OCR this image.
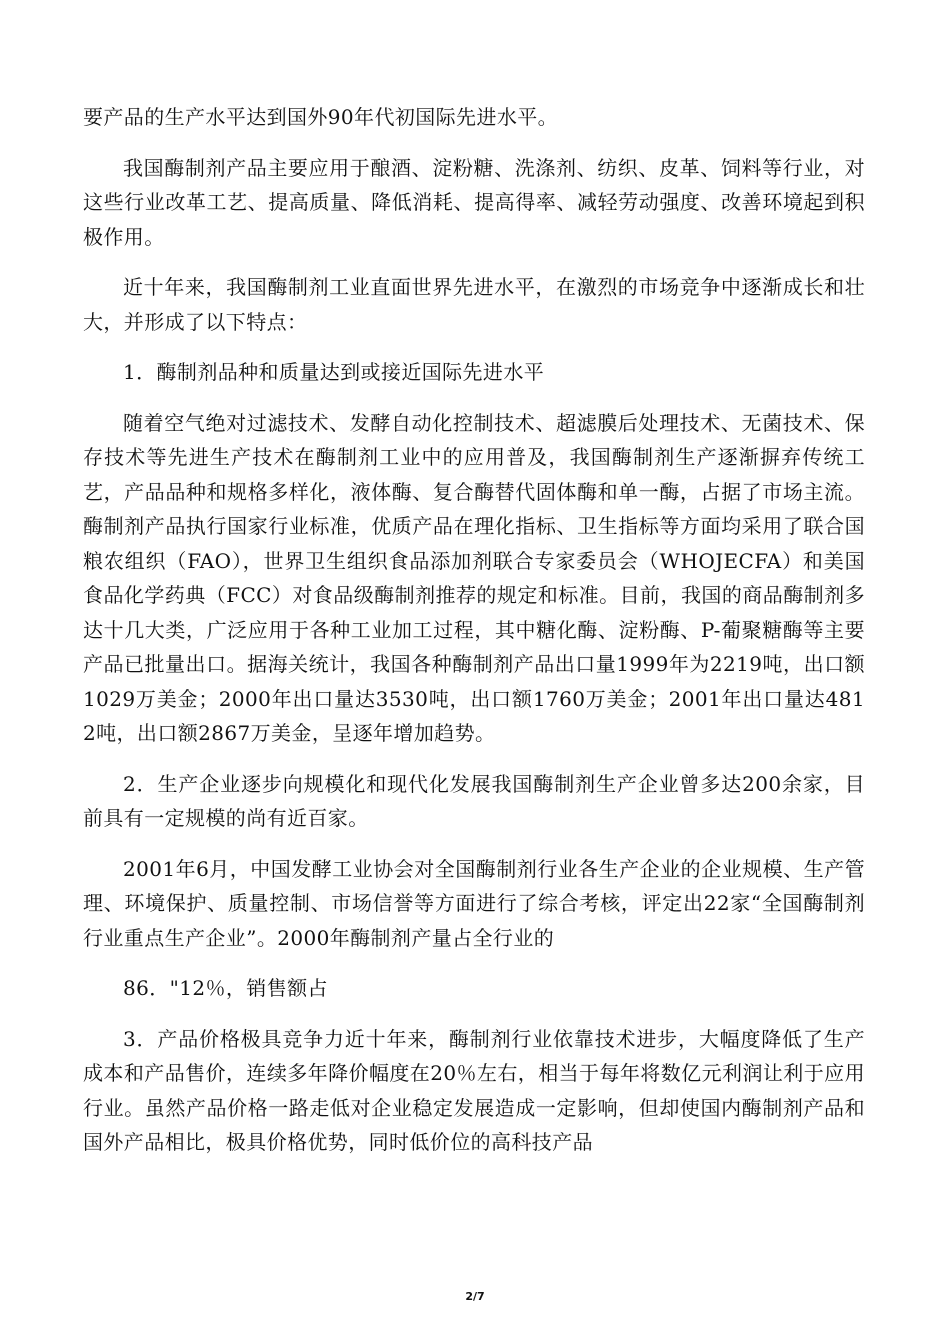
要产品的生产水平达到国外90年代初国际先进水平。

我国酶制剂产品主要应用于酿酒、淀粉糖、洗涤剂、纺织、皮革、饲料等行业，对这些行业改革工艺、提高质量、降低消耗、提高得率、减轻劳动强度、改善环境起到积极作用。

近十年来，我国酶制剂工业直面世界先进水平，在激烈的市场竞争中逐渐成长和壮大，并形成了以下特点：

1．酶制剂品种和质量达到或接近国际先进水平

随着空气绝对过滤技术、发酵自动化控制技术、超滤膜后处理技术、无菌技术、保存技术等先进生产技术在酶制剂工业中的应用普及，我国酶制剂生产逐渐摒弃传统工艺，产品品种和规格多样化，液体酶、复合酶替代固体酶和单一酶，占据了市场主流。酶制剂产品执行国家行业标准，优质产品在理化指标、卫生指标等方面均采用了联合国粮农组织（FAO），世界卫生组织食品添加剂联合专家委员会（WHOJECFA）和美国食品化学药典（FCC）对食品级酶制剂推荐的规定和标准。目前，我国的商品酶制剂多达十几大类，广泛应用于各种工业加工过程，其中糖化酶、淀粉酶、P-葡聚糖酶等主要产品已批量出口。据海关统计，我国各种酶制剂产品出口量1999年为2219吨，出口额1029万美金；2000年出口量达3530吨，出口额1760万美金；2001年出口量达4812吨，出口额2867万美金，呈逐年增加趋势。

2．生产企业逐步向规模化和现代化发展我国酶制剂生产企业曾多达200余家，目前具有一定规模的尚有近百家。

2001年6月，中国发酵工业协会对全国酶制剂行业各生产企业的企业规模、生产管理、环境保护、质量控制、市场信誉等方面进行了综合考核，评定出22家“全国酶制剂行业重点生产企业”。2000年酶制剂产量占全行业的

86．"12％，销售额占

3．产品价格极具竞争力近十年来，酶制剂行业依靠技术进步，大幅度降低了生产成本和产品售价，连续多年降价幅度在20％左右，相当于每年将数亿元利润让利于应用行业。虽然产品价格一路走低对企业稳定发展造成一定影响，但却使国内酶制剂产品和国外产品相比，极具价格优势，同时低价位的高科技产品

2/7
